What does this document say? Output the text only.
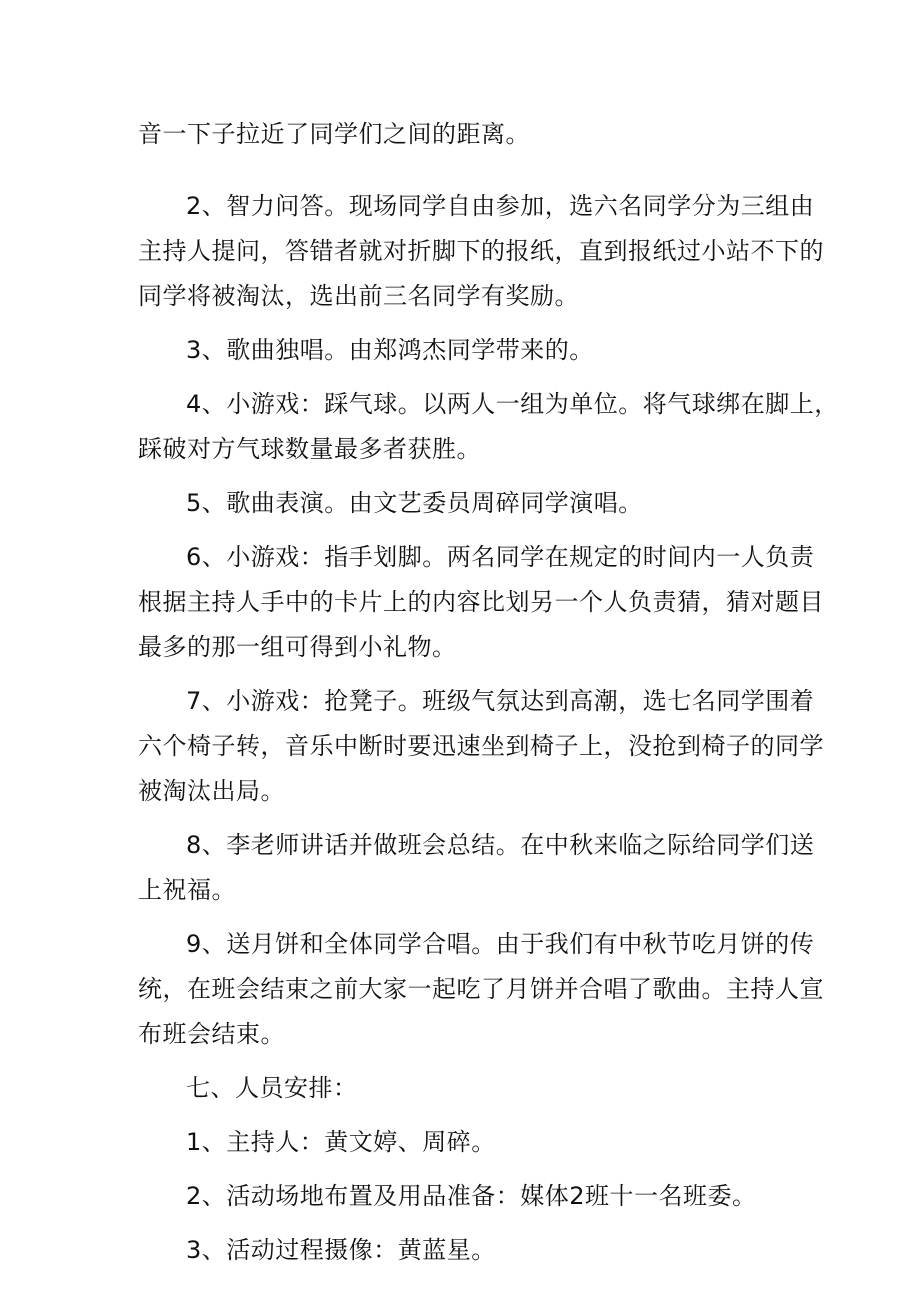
音一下子拉近了同学们之间的距离。
2、智力问答。现场同学自由参加，选六名同学分为三组由
主持人提问，答错者就对折脚下的报纸，直到报纸过小站不下的
同学将被淘汰，选出前三名同学有奖励。
3、歌曲独唱。由郑鸿杰同学带来的。
4、小游戏：踩气球。以两人一组为单位。将气球绑在脚上，
踩破对方气球数量最多者获胜。
5、歌曲表演。由文艺委员周碎同学演唱。
6、小游戏：指手划脚。两名同学在规定的时间内一人负责
根据主持人手中的卡片上的内容比划另一个人负责猜，猜对题目
最多的那一组可得到小礼物。
7、小游戏：抢凳子。班级气氛达到高潮，选七名同学围着
六个椅子转，音乐中断时要迅速坐到椅子上，没抢到椅子的同学
被淘汰出局。
8、李老师讲话并做班会总结。在中秋来临之际给同学们送
上祝福。
9、送月饼和全体同学合唱。由于我们有中秋节吃月饼的传
统，在班会结束之前大家一起吃了月饼并合唱了歌曲。主持人宣
布班会结束。
七、人员安排：
1、主持人：黄文婷、周碎。
2、活动场地布置及用品准备：媒体2班十一名班委。
3、活动过程摄像：黄蓝星。
